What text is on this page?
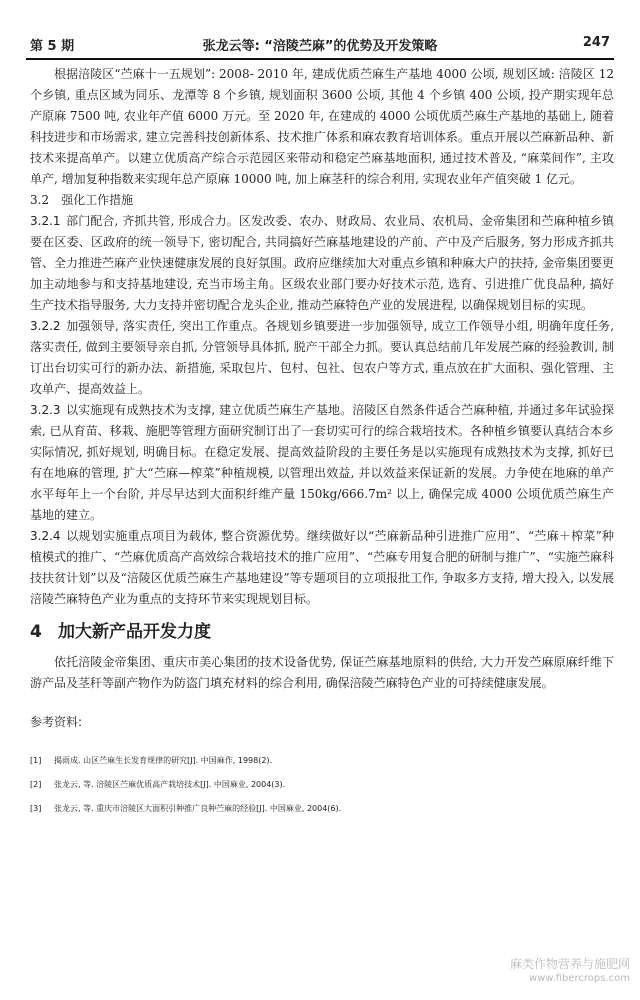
第 5 期	张龙云等: “涪陵苎麻”的优势及开发策略	247

根据涪陵区“苎麻十一五规划”: 2008- 2010 年, 建成优质苎麻生产基地 4000 公顷, 规划区域: 涪陵区 12 个乡镇, 重点区域为同乐、龙潭等 8 个乡镇, 规划面积 3600 公顷, 其他 4 个乡镇 400 公顷, 投产期实现年总产原麻 7500 吨, 农业年产值 6000 万元。至 2020 年, 在建成的 4000 公顷优质苎麻生产基地的基础上, 随着科技进步和市场需求, 建立完善科技创新体系、技术推广体系和麻农教育培训体系。重点开展以苎麻新品种、新技术来提高单产。以建立优质高产综合示范园区来带动和稳定苎麻基地面积, 通过技术普及, “麻菜间作”, 主攻单产, 增加复种指数来实现年总产原麻 10000 吨, 加上麻茎秆的综合利用, 实现农业年产值突破 1 亿元。

3.2　强化工作措施

3.2.1 部门配合, 齐抓共管, 形成合力。区发改委、农办、财政局、农业局、农机局、金帝集团和苎麻种植乡镇要在区委、区政府的统一领导下, 密切配合, 共同搞好苎麻基地建设的产前、产中及产后服务, 努力形成齐抓共管、全力推进苎麻产业快速健康发展的良好氛围。政府应继续加大对重点乡镇和种麻大户的扶持, 金帝集团要更加主动地参与和支持基地建设, 充当市场主角。区级农业部门要办好技术示范, 选育、引进推广优良品种, 搞好生产技术指导服务, 大力支持并密切配合龙头企业, 推动苎麻特色产业的发展进程, 以确保规划目标的实现。

3.2.2 加强领导, 落实责任, 突出工作重点。各规划乡镇要进一步加强领导, 成立工作领导小组, 明确年度任务, 落实责任, 做到主要领导亲自抓, 分管领导具体抓, 脱产干部全力抓。要认真总结前几年发展苎麻的经验教训, 制订出台切实可行的新办法、新措施, 采取包片、包村、包社、包农户等方式, 重点放在扩大面积、强化管理、主攻单产、提高效益上。

3.2.3 以实施现有成熟技术为支撑, 建立优质苎麻生产基地。涪陵区自然条件适合苎麻种植, 并通过多年试验探索, 已从育苗、移栽、施肥等管理方面研究制订出了一套切实可行的综合栽培技术。各种植乡镇要认真结合本乡实际情况, 抓好规划, 明确目标。在稳定发展、提高效益阶段的主要任务是以实施现有成熟技术为支撑, 抓好已有在地麻的管理, 扩大“苎麻—榨菜”种植规模, 以管理出效益, 并以效益来保证新的发展。力争使在地麻的单产水平每年上一个台阶, 并尽早达到大面积纤维产量 150kg/666.7m² 以上, 确保完成 4000 公顷优质苎麻生产基地的建立。

3.2.4 以规划实施重点项目为载体, 整合资源优势。继续做好以“苎麻新品种引进推广应用”、“苎麻＋榨菜”种植模式的推广、“苎麻优质高产高效综合栽培技术的推广应用”、“苎麻专用复合肥的研制与推广”、“实施苎麻科技扶贫计划”以及“涪陵区优质苎麻生产基地建设”等专题项目的立项报批工作, 争取多方支持, 增大投入, 以发展涪陵苎麻特色产业为重点的支持环节来实现规划目标。

4 加大新产品开发力度

依托涪陵金帝集团、重庆市美心集团的技术设备优势, 保证苎麻基地原料的供给, 大力开发苎麻原麻纤维下游产品及茎秆等副产物作为防盗门填充材料的综合利用, 确保涪陵苎麻特色产业的可持续健康发展。

参考资料:

[1] 揭雨成. 山区苎麻生长发育规律的研究[J]. 中国麻作, 1998(2).

[2] 张龙云, 等. 涪陵区苎麻优质高产栽培技术[J]. 中国麻业, 2004(3).

[3] 张龙云, 等. 重庆市涪陵区大面积引种推广良种苎麻的经验[J]. 中国麻业, 2004(6).

麻类作物营养与施肥网
www.fibercrops.com
